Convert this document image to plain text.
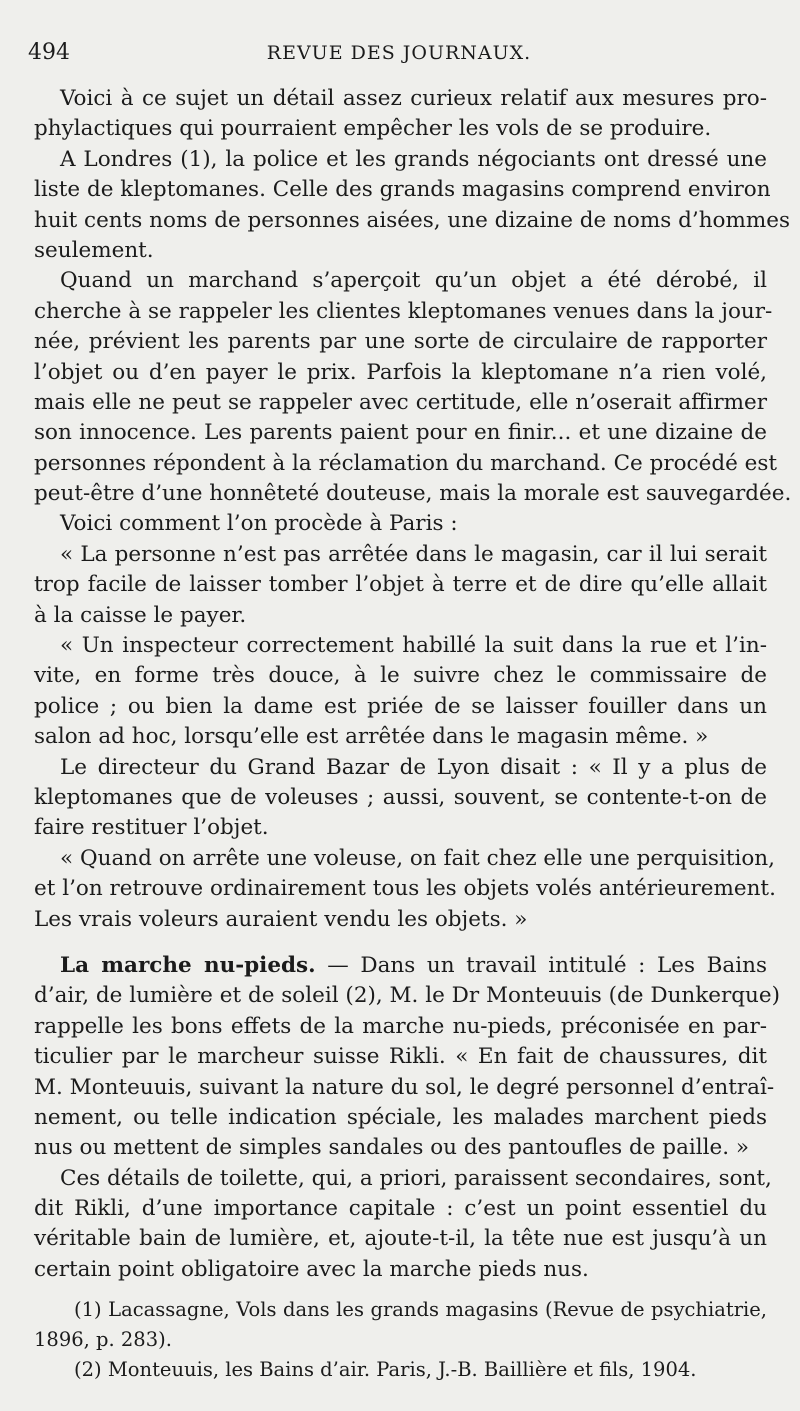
494	REVUE DES JOURNAUX.
Voici à ce sujet un détail assez curieux relatif aux mesures pro-
phylactiques qui pourraient empêcher les vols de se produire.
A Londres (1), la police et les grands négociants ont dressé une
liste de kleptomanes. Celle des grands magasins comprend environ
huit cents noms de personnes aisées, une dizaine de noms d’hommes
seulement.
Quand un marchand s’aperçoit qu’un objet a été dérobé, il
cherche à se rappeler les clientes kleptomanes venues dans la jour-
née, prévient les parents par une sorte de circulaire de rapporter
l’objet ou d’en payer le prix. Parfois la kleptomane n’a rien volé,
mais elle ne peut se rappeler avec certitude, elle n’oserait affirmer
son innocence. Les parents paient pour en finir... et une dizaine de
personnes répondent à la réclamation du marchand. Ce procédé est
peut-être d’une honnêteté douteuse, mais la morale est sauvegardée.
Voici comment l’on procède à Paris :
« La personne n’est pas arrêtée dans le magasin, car il lui serait
trop facile de laisser tomber l’objet à terre et de dire qu’elle allait
à la caisse le payer.
« Un inspecteur correctement habillé la suit dans la rue et l’in-
vite, en forme très douce, à le suivre chez le commissaire de
police ; ou bien la dame est priée de se laisser fouiller dans un
salon ad hoc, lorsqu’elle est arrêtée dans le magasin même. »
Le directeur du Grand Bazar de Lyon disait : « Il y a plus de
kleptomanes que de voleuses ; aussi, souvent, se contente-t-on de
faire restituer l’objet.
« Quand on arrête une voleuse, on fait chez elle une perquisition,
et l’on retrouve ordinairement tous les objets volés antérieurement.
Les vrais voleurs auraient vendu les objets. »
La marche nu-pieds. — Dans un travail intitulé : Les Bains
d’air, de lumière et de soleil (2), M. le Dr Monteuuis (de Dunkerque)
rappelle les bons effets de la marche nu-pieds, préconisée en par-
ticulier par le marcheur suisse Rikli. « En fait de chaussures, dit
M. Monteuuis, suivant la nature du sol, le degré personnel d’entraî-
nement, ou telle indication spéciale, les malades marchent pieds
nus ou mettent de simples sandales ou des pantoufles de paille. »
Ces détails de toilette, qui, a priori, paraissent secondaires, sont,
dit Rikli, d’une importance capitale : c’est un point essentiel du
véritable bain de lumière, et, ajoute-t-il, la tête nue est jusqu’à un
certain point obligatoire avec la marche pieds nus.
(1) Lacassagne, Vols dans les grands magasins (Revue de psychiatrie,
1896, p. 283).
(2) Monteuuis, les Bains d’air. Paris, J.-B. Baillière et fils, 1904.
